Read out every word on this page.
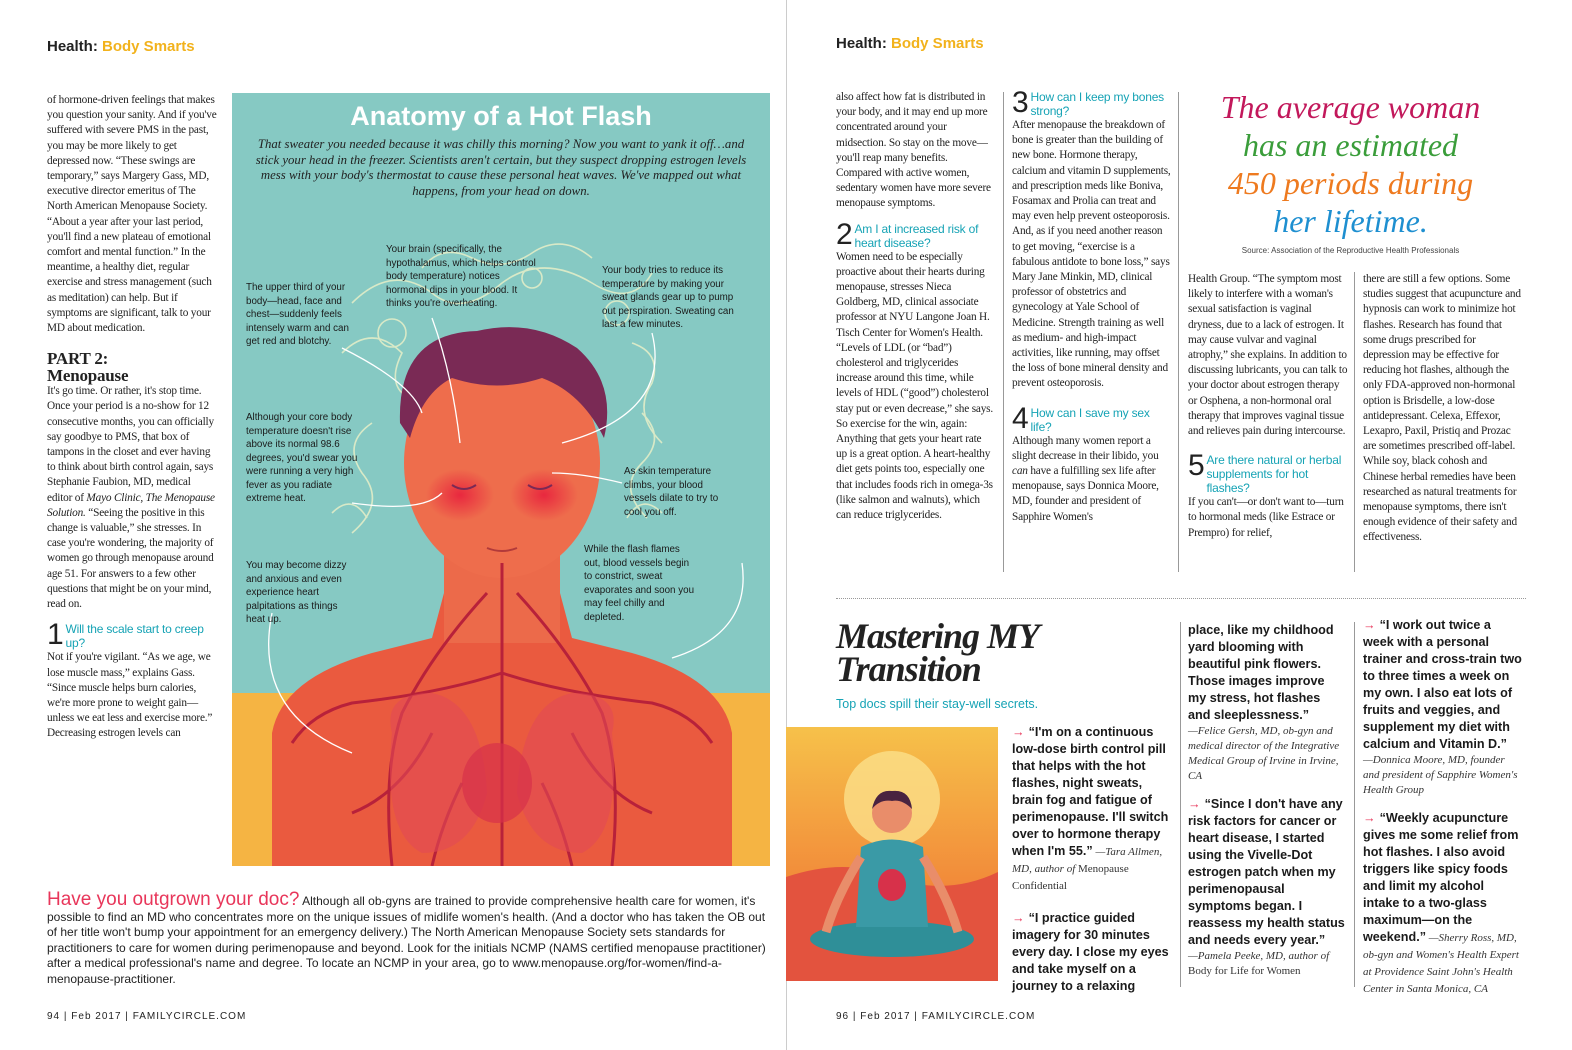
Health: Body Smarts

of hormone-driven feelings that makes you question your sanity. And if you've suffered with severe PMS in the past, you may be more likely to get depressed now. “These swings are temporary,” says Margery Gass, MD, executive director emeritus of The North American Menopause Society. “About a year after your last period, you'll find a new plateau of emotional comfort and mental function.” In the meantime, a healthy diet, regular exercise and stress management (such as meditation) can help. But if symptoms are significant, talk to your MD about medication.

PART 2:
Menopause

It's go time. Or rather, it's stop time. Once your period is a no-show for 12 consecutive months, you can officially say goodbye to PMS, that box of tampons in the closet and ever having to think about birth control again, says Stephanie Faubion, MD, medical editor of Mayo Clinic, The Menopause Solution. “Seeing the positive in this change is valuable,” she stresses. In case you're wondering, the majority of women go through menopause around age 51. For answers to a few other questions that might be on your mind, read on.

1 Will the scale start to creep up?

Not if you're vigilant. “As we age, we lose muscle mass,” explains Gass. “Since muscle helps burn calories, we're more prone to weight gain—unless we eat less and exercise more.” Decreasing estrogen levels can

Anatomy of a Hot Flash
That sweater you needed because it was chilly this morning? Now you want to yank it off…and stick your head in the freezer. Scientists aren't certain, but they suspect dropping estrogen levels mess with your body's thermostat to cause these personal heat waves. We've mapped out what happens, from your head on down.
Your brain (specifically, the hypothalamus, which helps control body temperature) notices hormonal dips in your blood. It thinks you're overheating.
The upper third of your body—head, face and chest—suddenly feels intensely warm and can get red and blotchy.
Your body tries to reduce its temperature by making your sweat glands gear up to pump out perspiration. Sweating can last a few minutes.
Although your core body temperature doesn't rise above its normal 98.6 degrees, you'd swear you were running a very high fever as you radiate extreme heat.
As skin temperature climbs, your blood vessels dilate to try to cool you off.
You may become dizzy and anxious and even experience heart palpitations as things heat up.
While the flash flames out, blood vessels begin to constrict, sweat evaporates and soon you may feel chilly and depleted.
Have you outgrown your doc? Although all ob-gyns are trained to provide comprehensive health care for women, it's possible to find an MD who concentrates more on the unique issues of midlife women's health. (And a doctor who has taken the OB out of her title won't bump your appointment for an emergency delivery.) The North American Menopause Society sets standards for practitioners to care for women during perimenopause and beyond. Look for the initials NCMP (NAMS certified menopause practitioner) after a medical professional's name and degree. To locate an NCMP in your area, go to www.menopause.org/for-women/find-a-menopause-practitioner.
94 | Feb 2017 | FAMILYCIRCLE.COM
Health: Body Smarts

also affect how fat is distributed in your body, and it may end up more concentrated around your midsection. So stay on the move—you'll reap many benefits. Compared with active women, sedentary women have more severe menopause symptoms.

2 Am I at increased risk of heart disease?

Women need to be especially proactive about their hearts during menopause, stresses Nieca Goldberg, MD, clinical associate professor at NYU Langone Joan H. Tisch Center for Women's Health. “Levels of LDL (or “bad”) cholesterol and triglycerides increase around this time, while levels of HDL (“good”) cholesterol stay put or even decrease,” she says. So exercise for the win, again: Anything that gets your heart rate up is a great option. A heart-healthy diet gets points too, especially one that includes foods rich in omega-3s (like salmon and walnuts), which can reduce triglycerides.

3 How can I keep my bones strong?

After menopause the breakdown of bone is greater than the building of new bone. Hormone therapy, calcium and vitamin D supplements, and prescription meds like Boniva, Fosamax and Prolia can treat and may even help prevent osteoporosis. And, as if you need another reason to get moving, “exercise is a fabulous antidote to bone loss,” says Mary Jane Minkin, MD, clinical professor of obstetrics and gynecology at Yale School of Medicine. Strength training as well as medium- and high-impact activities, like running, may offset the loss of bone mineral density and prevent osteoporosis.

4 How can I save my sex life?

Although many women report a slight decrease in their libido, you can have a fulfilling sex life after menopause, says Donnica Moore, MD, founder and president of Sapphire Women's

The average woman
has an estimated
450 periods during
her lifetime.
Source: Association of the Reproductive Health Professionals

Health Group. “The symptom most likely to interfere with a woman's sexual satisfaction is vaginal dryness, due to a lack of estrogen. It may cause vulvar and vaginal atrophy,” she explains. In addition to discussing lubricants, you can talk to your doctor about estrogen therapy or Osphena, a non-hormonal oral therapy that improves vaginal tissue and relieves pain during intercourse.

5 Are there natural or herbal supplements for hot flashes?

If you can't—or don't want to—turn to hormonal meds (like Estrace or Prempro) for relief,

there are still a few options. Some studies suggest that acupuncture and hypnosis can work to minimize hot flashes. Research has found that some drugs prescribed for depression may be effective for reducing hot flashes, although the only FDA-approved non-hormonal option is Brisdelle, a low-dose antidepressant. Celexa, Effexor, Lexapro, Paxil, Pristiq and Prozac are sometimes prescribed off-label. While soy, black cohosh and Chinese herbal remedies have been researched as natural treatments for menopause symptoms, there isn't enough evidence of their safety and effectiveness.

Mastering MY
Transition
Top docs spill their stay-well secrets.
→ “I'm on a continuous low-dose birth control pill that helps with the hot flashes, night sweats, brain fog and fatigue of perimenopause. I'll switch over to hormone therapy when I'm 55.” —Tara Allmen, MD, author of Menopause Confidential
→ “I practice guided imagery for 30 minutes every day. I close my eyes and take myself on a journey to a relaxing
place, like my childhood yard blooming with beautiful pink flowers. Those images improve my stress, hot flashes and sleeplessness.”
—Felice Gersh, MD, ob-gyn and medical director of the Integrative Medical Group of Irvine in Irvine, CA
→ “Since I don't have any risk factors for cancer or heart disease, I started using the Vivelle-Dot estrogen patch when my perimenopausal symptoms began. I reassess my health status and needs every year.”
—Pamela Peeke, MD, author of Body for Life for Women
→ “I work out twice a week with a personal trainer and cross-train two to three times a week on my own. I also eat lots of fruits and veggies, and supplement my diet with calcium and Vitamin D.”
—Donnica Moore, MD, founder and president of Sapphire Women's Health Group
→ “Weekly acupuncture gives me some relief from hot flashes. I also avoid triggers like spicy foods and limit my alcohol intake to a two-glass maximum—on the weekend.” —Sherry Ross, MD, ob-gyn and Women's Health Expert at Providence Saint John's Health Center in Santa Monica, CA
96 | Feb 2017 | FAMILYCIRCLE.COM
